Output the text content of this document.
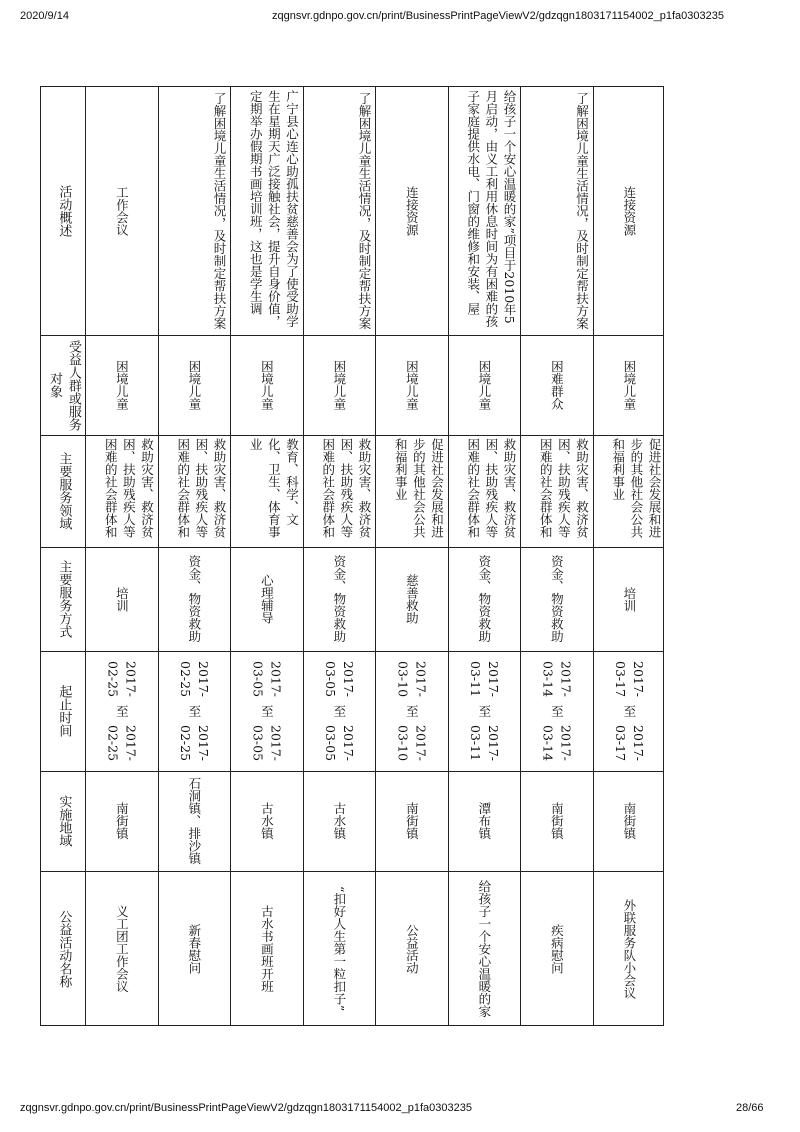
2020/9/14	zqgnsvr.gdnpo.gov.cn/print/BusinessPrintPageViewV2/gdzqgn1803171154002_p1fa0303235
活动概述
受益人群或服务对象
主要服务领域
主要服务方式
起止时间
实施地域
公益活动名称
工作会议
困境儿童
救助灾害、救济贫困、扶助残疾人等困难的社会群体和
培训
2017-02-25
至
2017-02-25
南街镇
义工团工作会议
了解困境儿童生活情况，及时制定帮扶方案
困境儿童
救助灾害、救济贫困、扶助残疾人等困难的社会群体和
资金、物资救助
2017-02-25
至
2017-02-25
石洞镇、排沙镇
新春慰问
广宁县心连心助孤扶贫慈善会为了使受助学生在星期天广泛接触社会，提升自身价值，定期举办假期书画培训班，这也是学生调
困境儿童
教育、科学、文化、卫生、体育事业
心理辅导
2017-03-05
至
2017-03-05
古水镇
古水书画班开班
了解困境儿童生活情况，及时制定帮扶方案
困境儿童
救助灾害、救济贫困、扶助残疾人等困难的社会群体和
资金、物资救助
2017-03-05
至
2017-03-05
古水镇
“扣好人生第一粒扣子”
连接资源
困境儿童
促进社会发展和进步的其他社会公共和福利事业
慈善救助
2017-03-10
至
2017-03-10
南街镇
公益活动
给孩子一个安心温暖的家”项目于2010年5月启动，由义工利用休息时间为有困难的孩子家庭提供水电、门窗的维修和安装、屋
困境儿童
救助灾害、救济贫困、扶助残疾人等困难的社会群体和
资金、物资救助
2017-03-11
至
2017-03-11
潭布镇
给孩子一个安心温暖的家
了解困境儿童生活情况，及时制定帮扶方案
困难群众
救助灾害、救济贫困、扶助残疾人等困难的社会群体和
资金、物资救助
2017-03-14
至
2017-03-14
南街镇
疾病慰问
连接资源
困境儿童
促进社会发展和进步的其他社会公共和福利事业
培训
2017-03-17
至
2017-03-17
南街镇
外联服务队小会议
zqgnsvr.gdnpo.gov.cn/print/BusinessPrintPageViewV2/gdzqgn1803171154002_p1fa0303235	28/66
